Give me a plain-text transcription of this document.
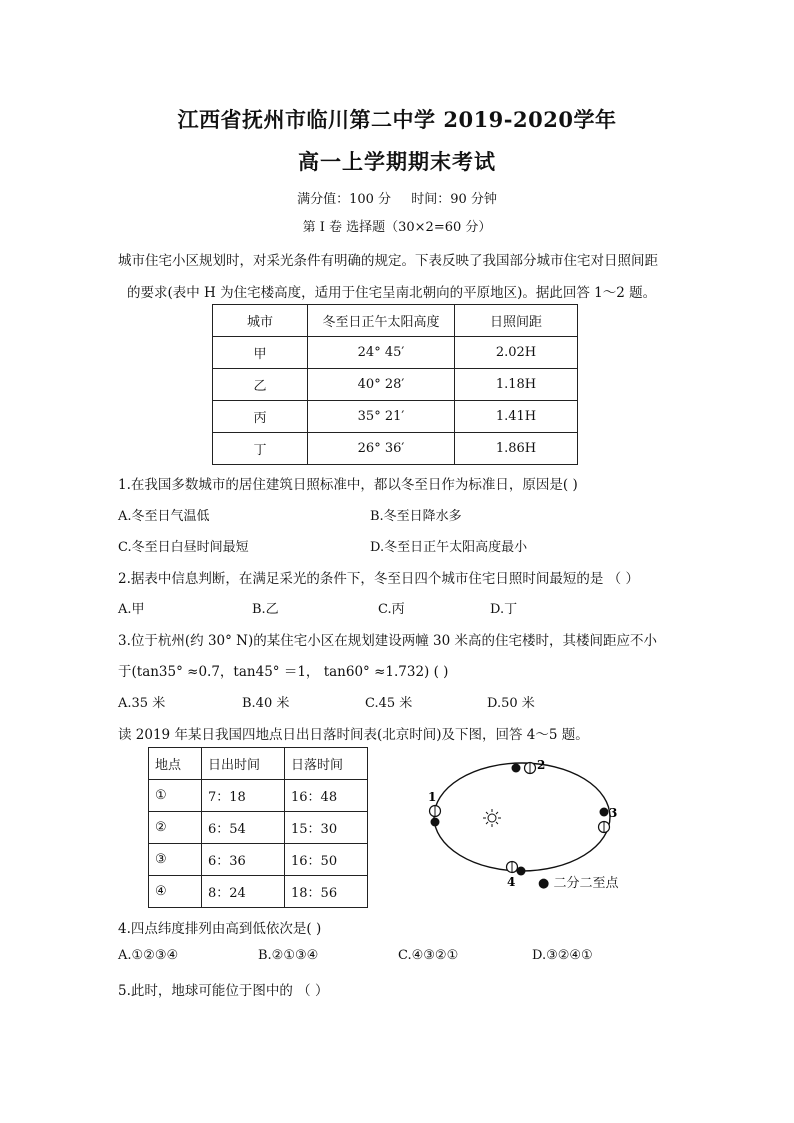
江西省抚州市临川第二中学 2019-2020学年
高一上学期期末考试
满分值：100 分 时间：90 分钟
第 I 卷 选择题（30×2=60 分）
城市住宅小区规划时，对采光条件有明确的规定。下表反映了我国部分城市住宅对日照间距
的要求(表中 H 为住宅楼高度，适用于住宅呈南北朝向的平原地区)。据此回答 1～2 题。
城市	冬至日正午太阳高度	日照间距
甲	24° 45′	2.02H
乙	40° 28′	1.18H
丙	35° 21′	1.41H
丁	26° 36′	1.86H
1.在我国多数城市的居住建筑日照标准中，都以冬至日作为标准日，原因是( )
A.冬至日气温低	B.冬至日降水多
C.冬至日白昼时间最短	D.冬至日正午太阳高度最小
2.据表中信息判断，在满足采光的条件下，冬至日四个城市住宅日照时间最短的是 （ ）
A.甲	B.乙	C.丙	D.丁
3.位于杭州(约 30° N)的某住宅小区在规划建设两幢 30 米高的住宅楼时，其楼间距应不小
于(tan35° ≈0.7，tan45° ＝1， tan60° ≈1.732) ( )
A.35 米	B.40 米	C.45 米	D.50 米
读 2019 年某日我国四地点日出日落时间表(北京时间)及下图，回答 4～5 题。
地点	日出时间	日落时间
①	7：18	16：48
②	6：54	15：30
③	6：36	16：50
④	8：24	18：56
1
2
3
4 ● 二分二至点
4.四点纬度排列由高到低依次是( )
A.①②③④	B.②①③④	C.④③②①	D.③②④①
5.此时，地球可能位于图中的 （ ）
